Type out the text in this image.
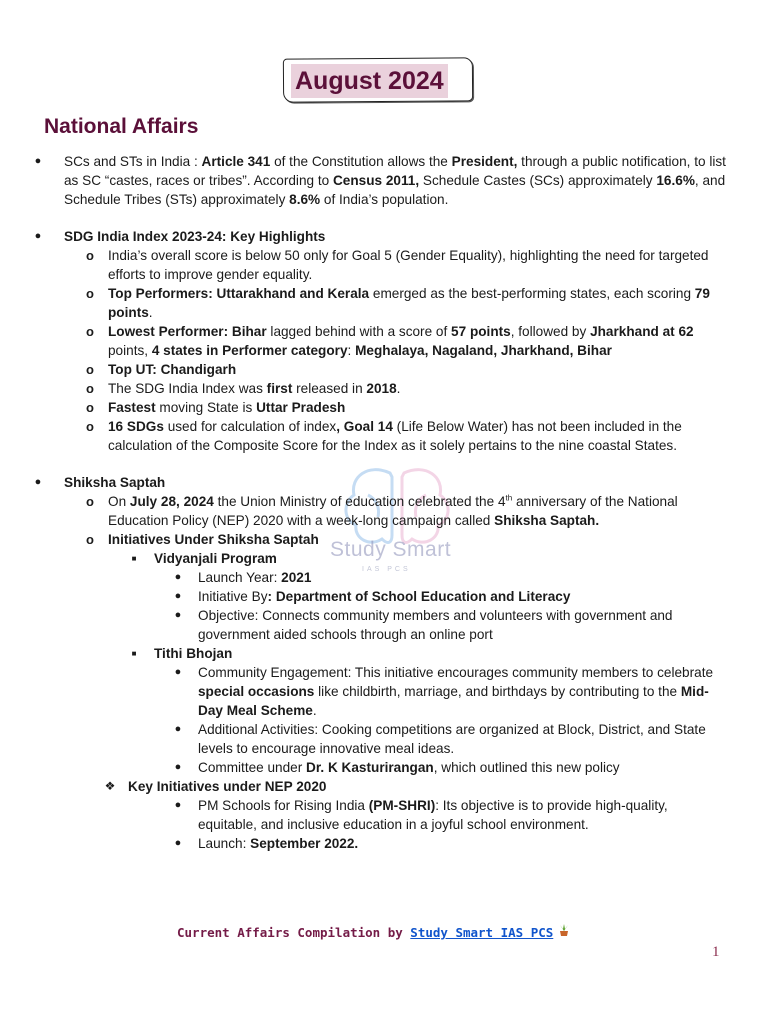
August 2024
National Affairs
Study Smart
IAS PCS
●	SCs and STs in India : Article 341 of the Constitution allows the President, through a public notification, to list as SC “castes, races or tribes”. According to Census 2011, Schedule Castes (SCs) approximately 16.6%, and Schedule Tribes (STs) approximately 8.6% of India’s population.
●	SDG India Index 2023-24: Key Highlights
o India’s overall score is below 50 only for Goal 5 (Gender Equality), highlighting the need for targeted efforts to improve gender equality.
o Top Performers: Uttarakhand and Kerala emerged as the best-performing states, each scoring 79 points.
o Lowest Performer: Bihar lagged behind with a score of 57 points, followed by Jharkhand at 62 points, 4 states in Performer category: Meghalaya, Nagaland, Jharkhand, Bihar
o Top UT: Chandigarh
o The SDG India Index was first released in 2018.
o Fastest moving State is Uttar Pradesh
o 16 SDGs used for calculation of index, Goal 14 (Life Below Water) has not been included in the calculation of the Composite Score for the Index as it solely pertains to the nine coastal States.
●	Shiksha Saptah
o On July 28, 2024 the Union Ministry of education celebrated the 4th anniversary of the National Education Policy (NEP) 2020 with a week-long campaign called Shiksha Saptah.
o Initiatives Under Shiksha Saptah
■	Vidyanjali Program
●	Launch Year: 2021
●	Initiative By: Department of School Education and Literacy
●	Objective: Connects community members and volunteers with government and government aided schools through an online port
■	Tithi Bhojan
●	Community Engagement: This initiative encourages community members to celebrate special occasions like childbirth, marriage, and birthdays by contributing to the Mid-Day Meal Scheme.
●	Additional Activities: Cooking competitions are organized at Block, District, and State levels to encourage innovative meal ideas.
●	Committee under Dr. K Kasturirangan, which outlined this new policy
❖ Key Initiatives under NEP 2020
●	PM Schools for Rising India (PM-SHRI): Its objective is to provide high-quality, equitable, and inclusive education in a joyful school environment.
●	Launch: September 2022.
Current Affairs Compilation by Study Smart IAS PCS
1
